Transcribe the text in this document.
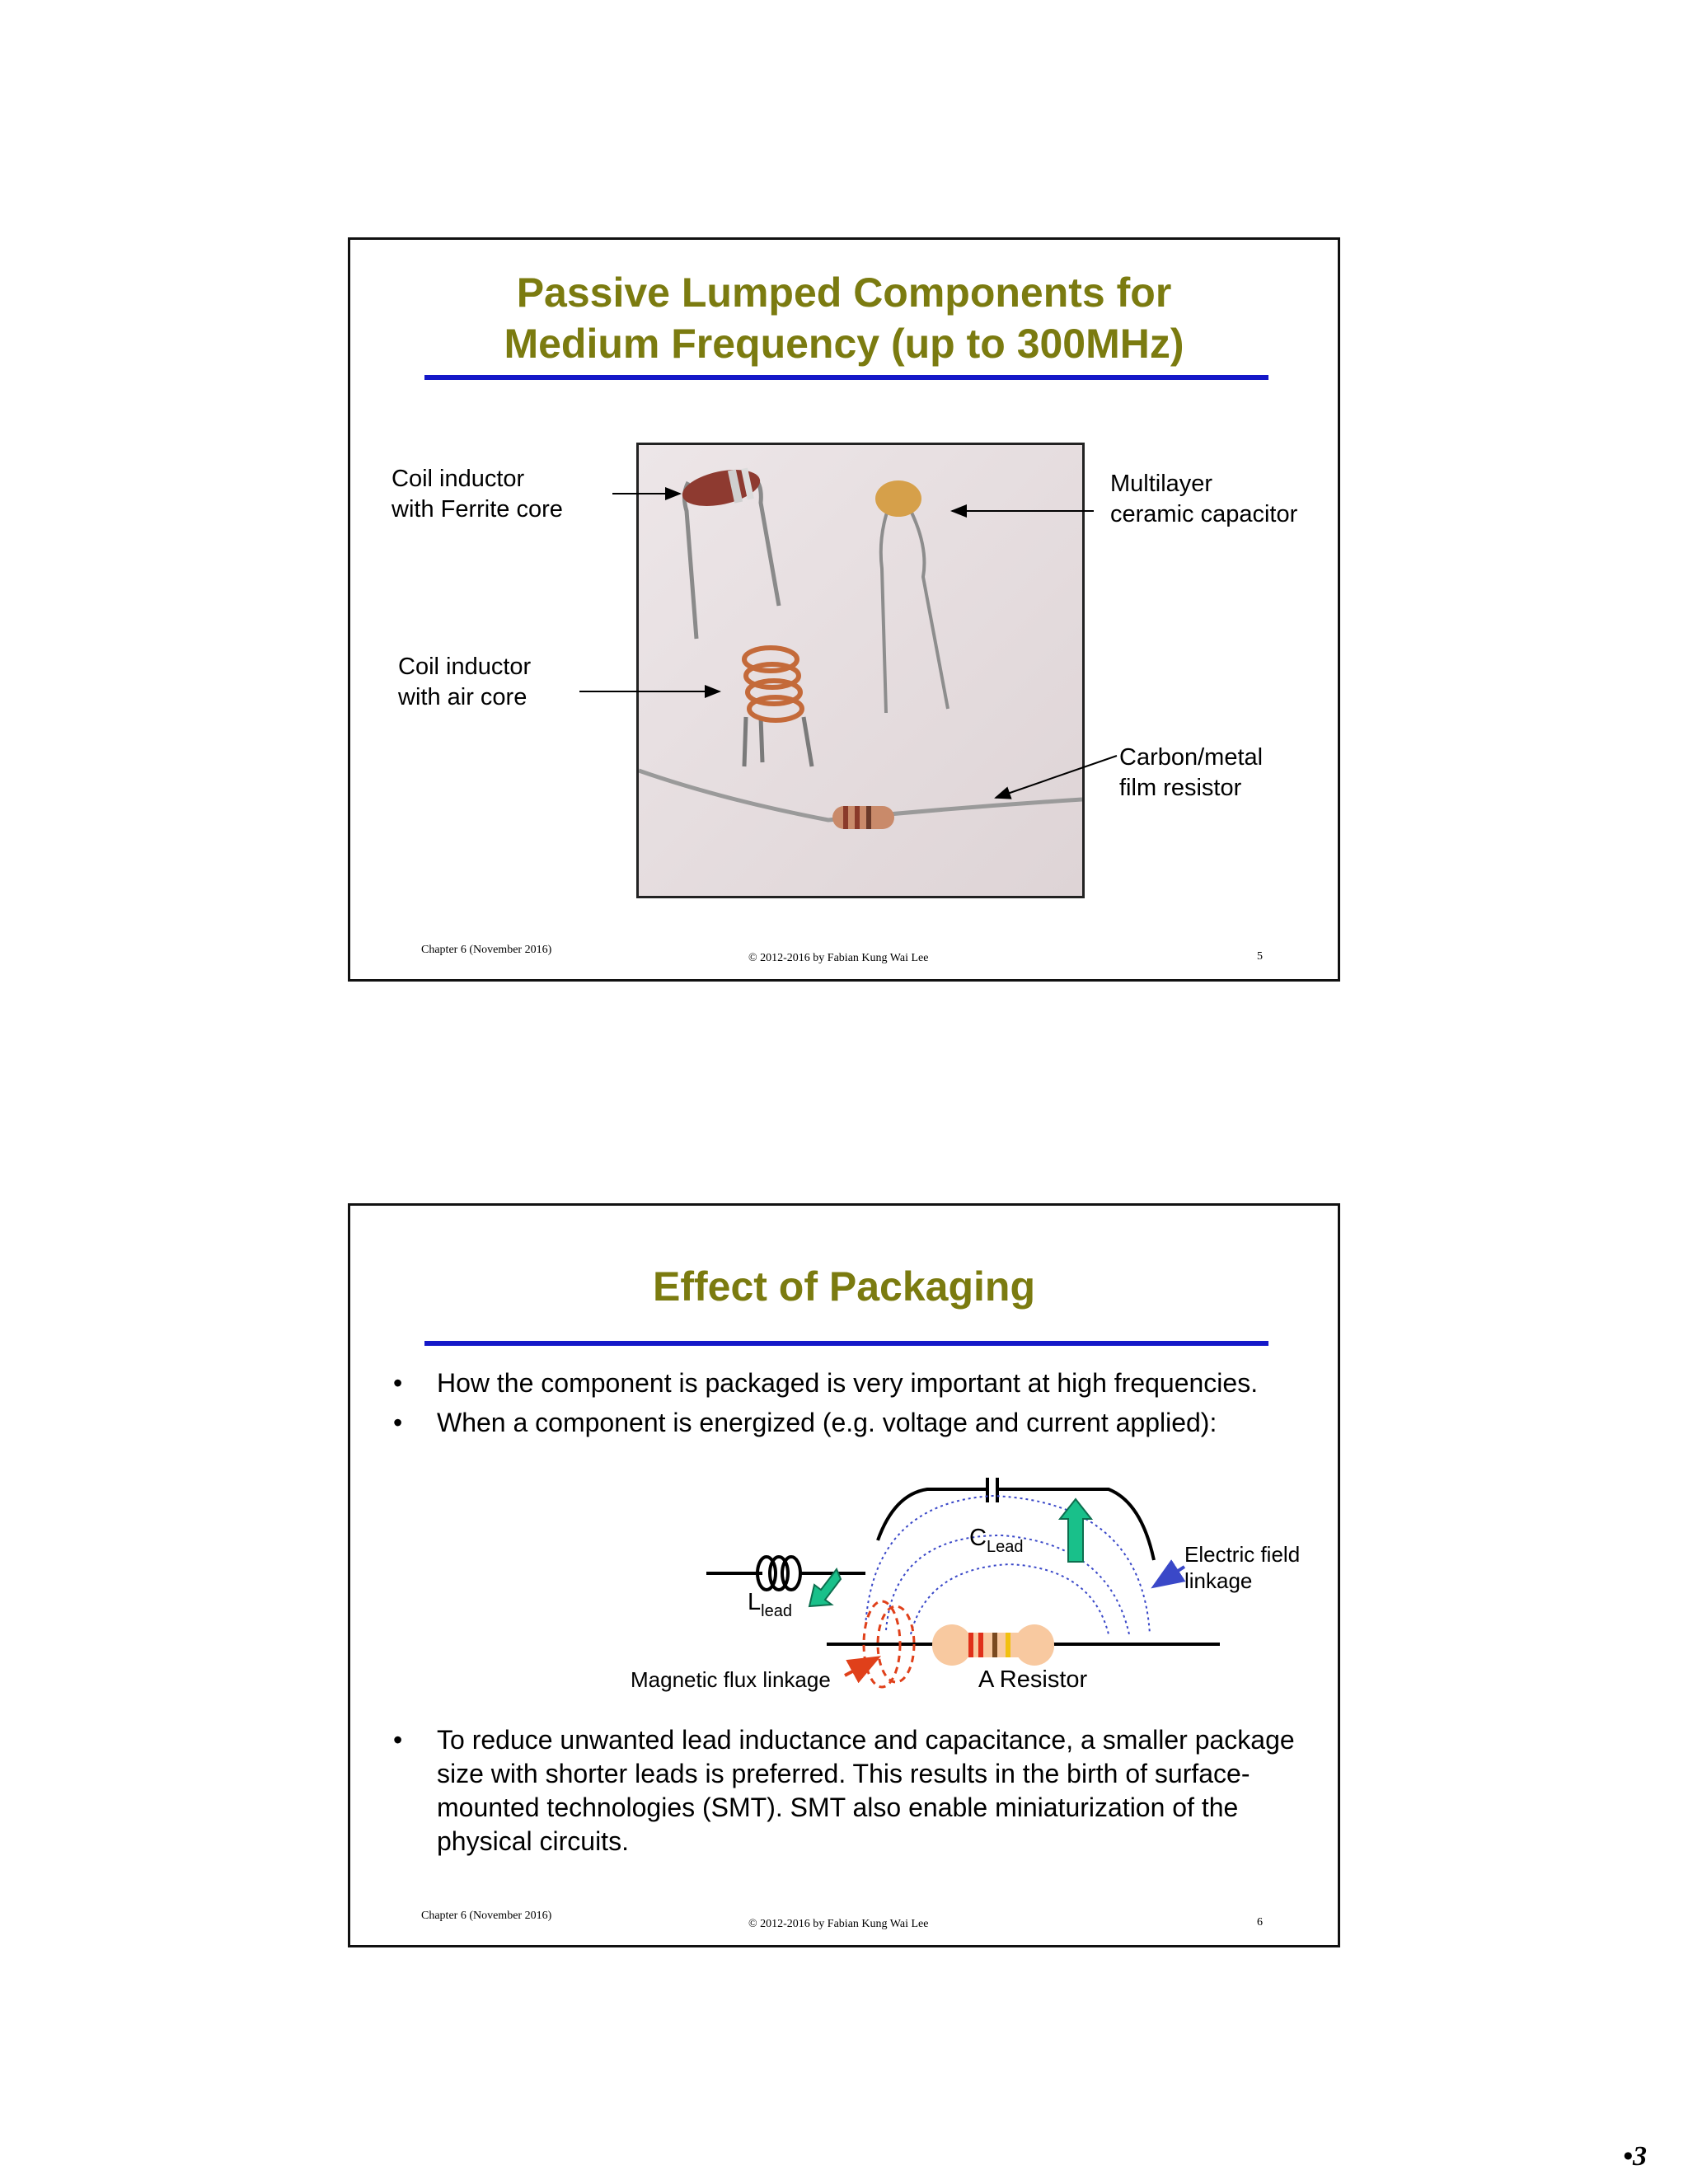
Passive Lumped Components for
Medium Frequency (up to 300MHz)
Coil inductor
with Ferrite core
Coil inductor
with air core
Multilayer
ceramic capacitor
Carbon/metal
film resistor
Chapter 6 (November 2016)
© 2012-2016 by Fabian Kung Wai Lee	5
Effect of Packaging
• How the component is packaged is very important at high frequencies.
• When a component is energized (e.g. voltage and current applied):
$C_{Lead}$
$L_{lead}$
Electric field linkage
Magnetic flux linkage	A Resistor
• To reduce unwanted lead inductance and capacitance, a smaller package size with shorter leads is preferred. This results in the birth of surface-mounted technologies (SMT). SMT also enable miniaturization of the physical circuits.
Chapter 6 (November 2016)
© 2012-2016 by Fabian Kung Wai Lee	6
•3
